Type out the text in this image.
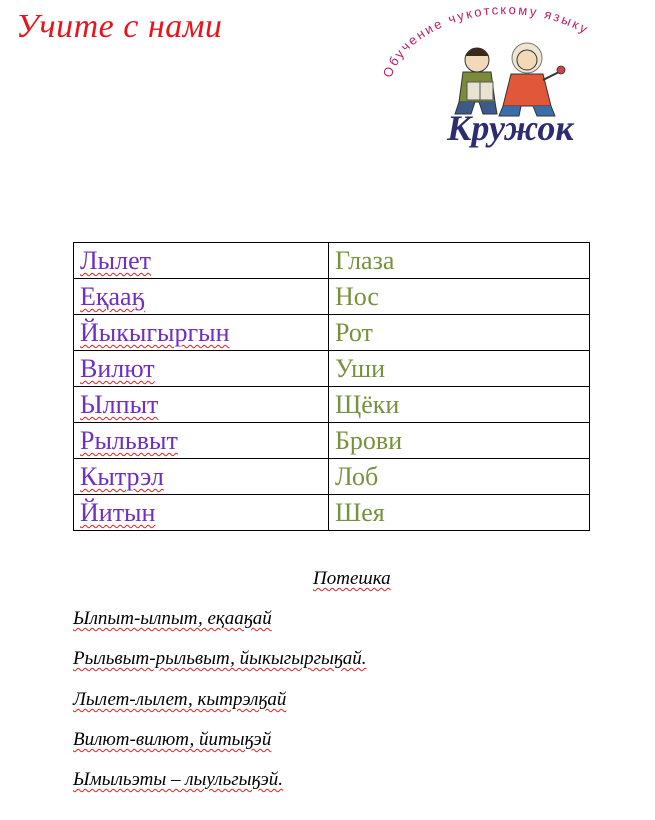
Учите с нами
Обучение чукотскому языку
Кружок
Лылет	Глаза
Еқааӄ	Нос
Йыкыгыргын	Рот
Вилют	Уши
Ылпыт	Щёки
Рыльвыт	Брови
Кытрэл	Лоб
Йитын	Шея
Потешка
Ылпыт-ылпыт, еқааӄай
Рыльвыт-рыльвыт, йыкыгыргыӄай.
Лылет-лылет, кытрэлӄай
Вилют-вилют, йитыӄэй
Ымыльэты – лыульгыӄэй.
